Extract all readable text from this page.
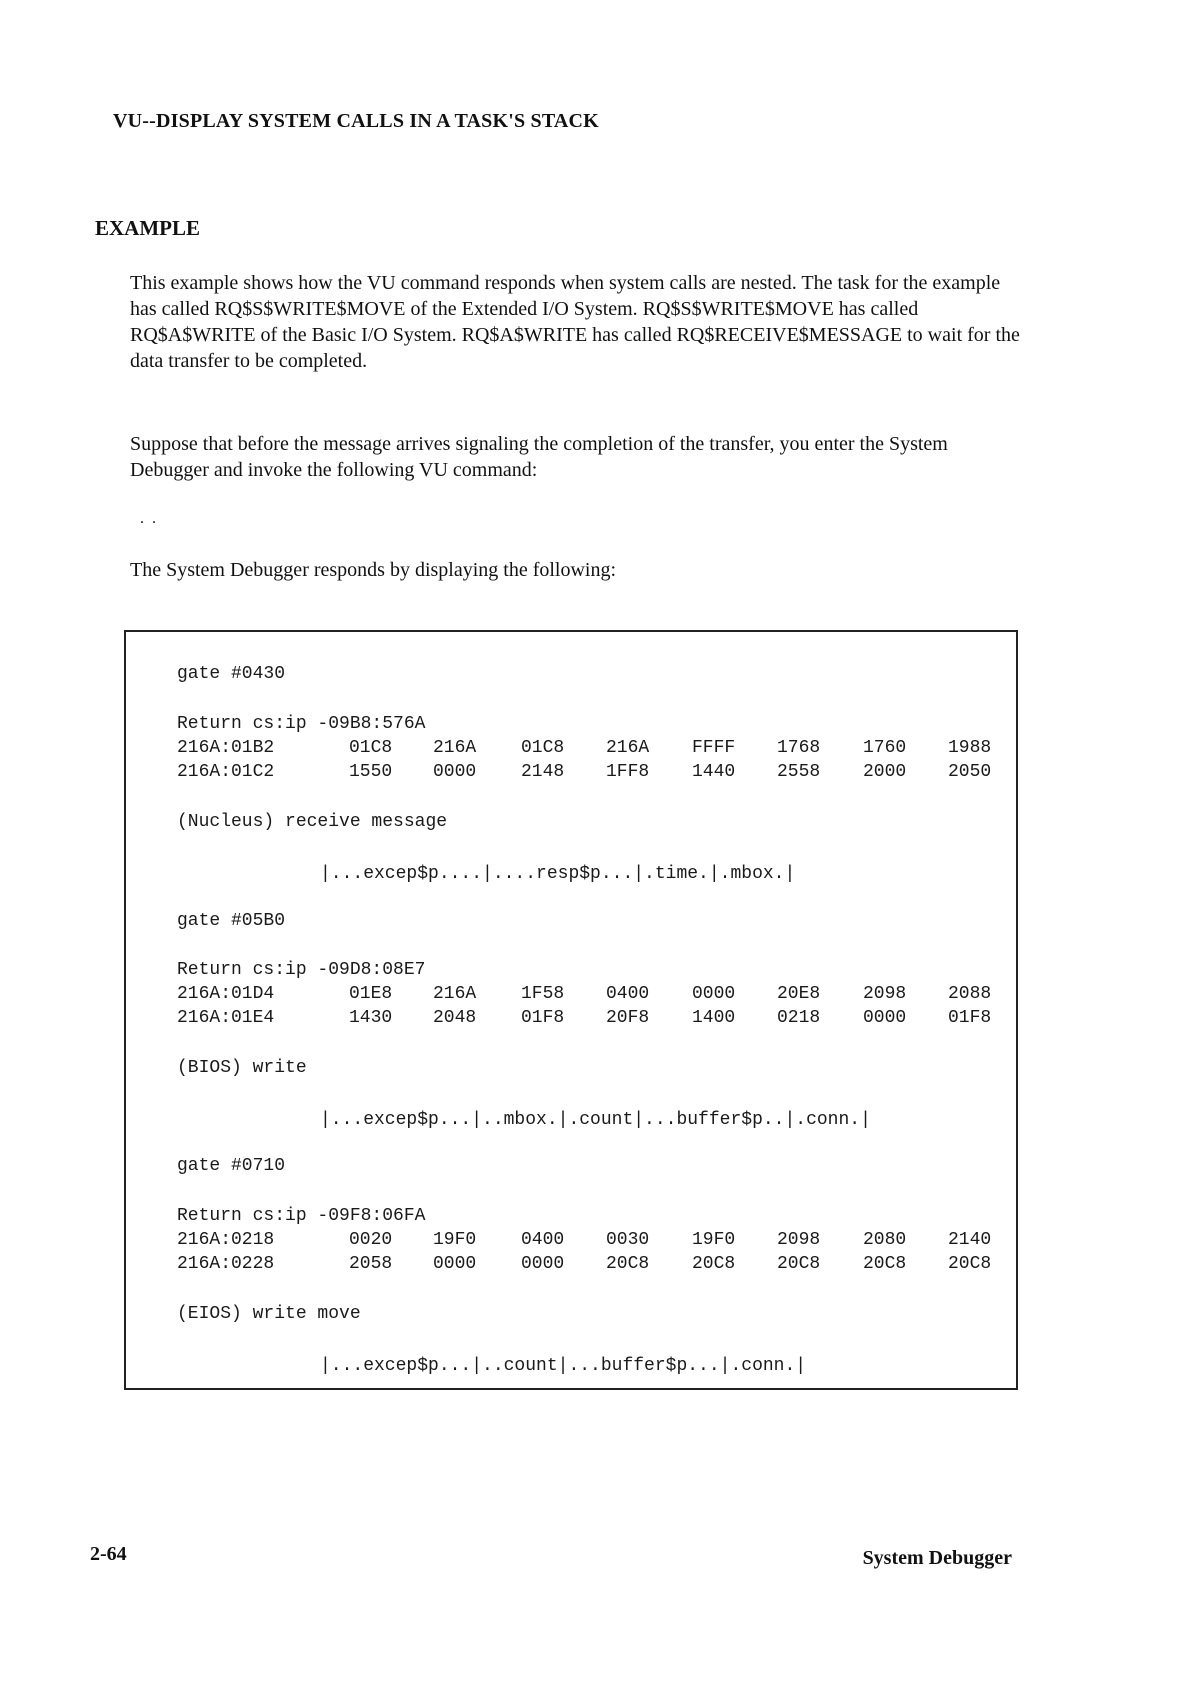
VU--DISPLAY SYSTEM CALLS IN A TASK'S STACK
EXAMPLE
This example shows how the VU command responds when system calls are nested. The task for the example has called RQ$S$WRITE$MOVE of the Extended I/O System. RQ$S$WRITE$MOVE has called RQ$A$WRITE of the Basic I/O System. RQ$A$WRITE has called RQ$RECEIVE$MESSAGE to wait for the data transfer to be completed.
Suppose that before the message arrives signaling the completion of the transfer, you enter the System Debugger and invoke the following VU command:
. .
The System Debugger responds by displaying the following:
gate #0430
Return cs:ip -09B8:576A
216A:01B2	01C8 216A 01C8 216A FFFF 1768 1760 1988
216A:01C2	1550 0000 2148 1FF8 1440 2558 2000 2050
(Nucleus) receive message
|...excep$p....|....resp$p...|.time.|.mbox.|
gate #05B0
Return cs:ip -09D8:08E7
216A:01D4	01E8 216A 1F58 0400 0000 20E8 2098 2088
216A:01E4	1430 2048 01F8 20F8 1400 0218 0000 01F8
(BIOS) write
|...excep$p...|..mbox.|.count|...buffer$p..|.conn.|
gate #0710
Return cs:ip -09F8:06FA
216A:0218	0020 19F0 0400 0030 19F0 2098 2080 2140
216A:0228	2058 0000 0000 20C8 20C8 20C8 20C8 20C8
(EIOS) write move
|...excep$p...|..count|...buffer$p...|.conn.|
2-64	System Debugger
